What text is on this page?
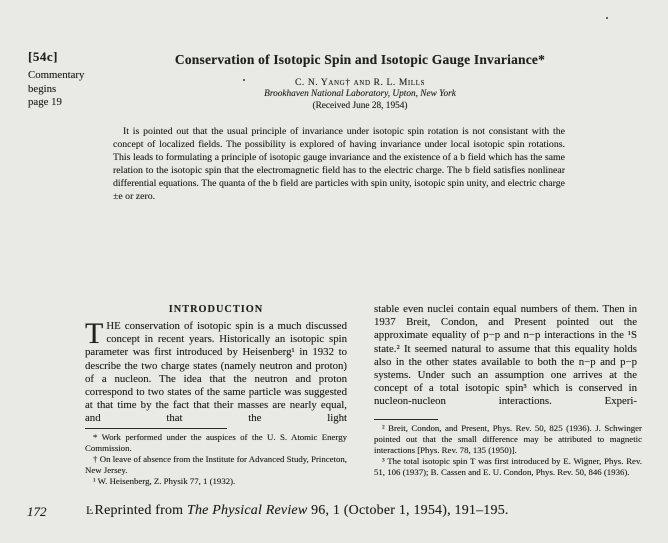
[54c]
Commentary
begins
page 19
Conservation of Isotopic Spin and Isotopic Gauge Invariance*
C. N. Yang† and R. L. Mills
Brookhaven National Laboratory, Upton, New York
(Received June 28, 1954)
It is pointed out that the usual principle of invariance under isotopic spin rotation is not consistant with the concept of localized fields. The possibility is explored of having invariance under local isotopic spin rotations. This leads to formulating a principle of isotopic gauge invariance and the existence of a b field which has the same relation to the isotopic spin that the electromagnetic field has to the electric charge. The b field satisfies nonlinear differential equations. The quanta of the b field are particles with spin unity, isotopic spin unity, and electric charge ±e or zero.
INTRODUCTION
THE conservation of isotopic spin is a much discussed concept in recent years. Historically an isotopic spin parameter was first introduced by Heisenberg¹ in 1932 to describe the two charge states (namely neutron and proton) of a nucleon. The idea that the neutron and proton correspond to two states of the same particle was suggested at that time by the fact that their masses are nearly equal, and that the light
stable even nuclei contain equal numbers of them. Then in 1937 Breit, Condon, and Present pointed out the approximate equality of p−p and n−p interactions in the ¹S state.² It seemed natural to assume that this equality holds also in the other states available to both the n−p and p−p systems. Under such an assumption one arrives at the concept of a total isotopic spin³ which is conserved in nucleon-nucleon interactions. Experi-
* Work performed under the auspices of the U. S. Atomic Energy Commission.
† On leave of absence from the Institute for Advanced Study, Princeton, New Jersey.
¹ W. Heisenberg, Z. Physik 77, 1 (1932).
² Breit, Condon, and Present, Phys. Rev. 50, 825 (1936). J. Schwinger pointed out that the small difference may be attributed to magnetic interactions [Phys. Rev. 78, 135 (1950)].
³ The total isotopic spin T was first introduced by E. Wigner, Phys. Rev. 51, 106 (1937); B. Cassen and E. U. Condon, Phys. Rev. 50, 846 (1936).
172	ĿReprinted from The Physical Review 96, 1 (October 1, 1954), 191–195.
